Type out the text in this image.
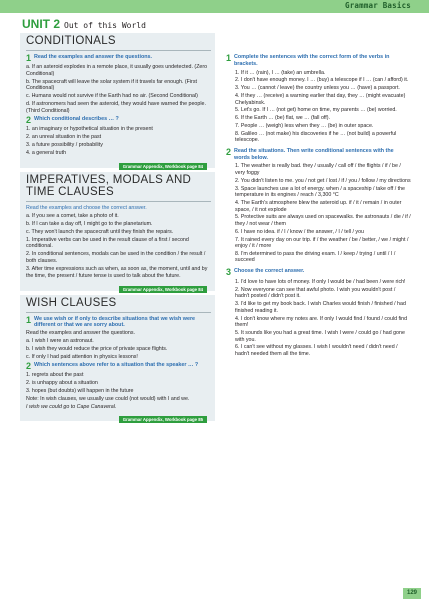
Grammar Basics
UNIT 2 Out of this World
CONDITIONALS
1 Read the examples and answer the questions.
a. If an asteroid explodes in a remote place, it usually goes undetected. (Zero Conditional)
b. The spacecraft will leave the solar system if it travels far enough. (First Conditional)
c. Humans would not survive if the Earth had no air. (Second Conditional)
d. If astronomers had seen the asteroid, they would have warned the people. (Third Conditional)
2 Which conditional describes … ?
1. an imaginary or hypothetical situation in the present
2. an unreal situation in the past
3. a future possibility / probability
4. a general truth
Grammar Appendix, Workbook page 84
IMPERATIVES, MODALS AND TIME CLAUSES
Read the examples and choose the correct answer.
a. If you see a comet, take a photo of it.
b. If I can take a day off, I might go to the planetarium.
c. They won't launch the spacecraft until they finish the repairs.
1. Imperative verbs can be used in the result clause of a first / second conditional.
2. In conditional sentences, modals can be used in the condition / the result / both clauses.
3. After time expressions such as when, as soon as, the moment, until and by the time, the present / future tense is used to talk about the future.
Grammar Appendix, Workbook page 84
WISH CLAUSES
1 We use wish or if only to describe situations that we wish were different or that we are sorry about.
Read the examples and answer the questions.
a. I wish I were an astronaut.
b. I wish they would reduce the price of private space flights.
c. If only I had paid attention in physics lessons!
2 Which sentences above refer to a situation that the speaker … ?
1. regrets about the past
2. is unhappy about a situation
3. hopes (but doubts) will happen in the future
Note: In wish clauses, we usually use could (not would) with I and we.
I wish we could go to Cape Canaveral.
Grammar Appendix, Workbook page 85
1 Complete the sentences with the correct form of the verbs in brackets.
1. If it … (rain), I … (take) an umbrella.
2. I don't have enough money. I … (buy) a telescope if I … (can / afford) it.
3. You … (cannot / leave) the country unless you … (have) a passport.
4. If they … (receive) a warning earlier that day, they … (might evacuate) Chelyabinsk.
5. Let's go. If I … (not get) home on time, my parents … (be) worried.
6. If the Earth … (be) flat, we … (fall off).
7. People … (weigh) less when they … (be) in outer space.
8. Galileo … (not make) his discoveries if he … (not build) a powerful telescope.
2 Read the situations. Then write conditional sentences with the words below.
1. The weather is really bad. they / usually / call off / the flights / if / be / very foggy
2. You didn't listen to me. you / not get / lost / if / you / follow / my directions
3. Space launches use a lot of energy. when / a spaceship / take off / the temperature in its engines / reach / 3,300 °C
4. The Earth's atmosphere blew the asteroid up. if / it / remain / in outer space, / it not explode
5. Protective suits are always used on spacewalks. the astronauts / die / if / they / not wear / them
6. I have no idea. if / I / know / the answer, / I / tell / you
7. It rained every day on our trip. if / the weather / be / better, / we / might / enjoy / it / more
8. I'm determined to pass the driving exam. I / keep / trying / until / I / succeed
3 Choose the correct answer.
1. I'd love to have lots of money. If only I would be / had been / were rich!
2. Now everyone can see that awful photo. I wish you wouldn't post / hadn't posted / didn't post it.
3. I'd like to get my book back. I wish Charles would finish / finished / had finished reading it.
4. I don't know where my notes are. If only I would find / found / could find them!
5. It sounds like you had a great time. I wish I were / could go / had gone with you.
6. I can't see without my glasses. I wish I wouldn't need / didn't need / hadn't needed them all the time.
129
